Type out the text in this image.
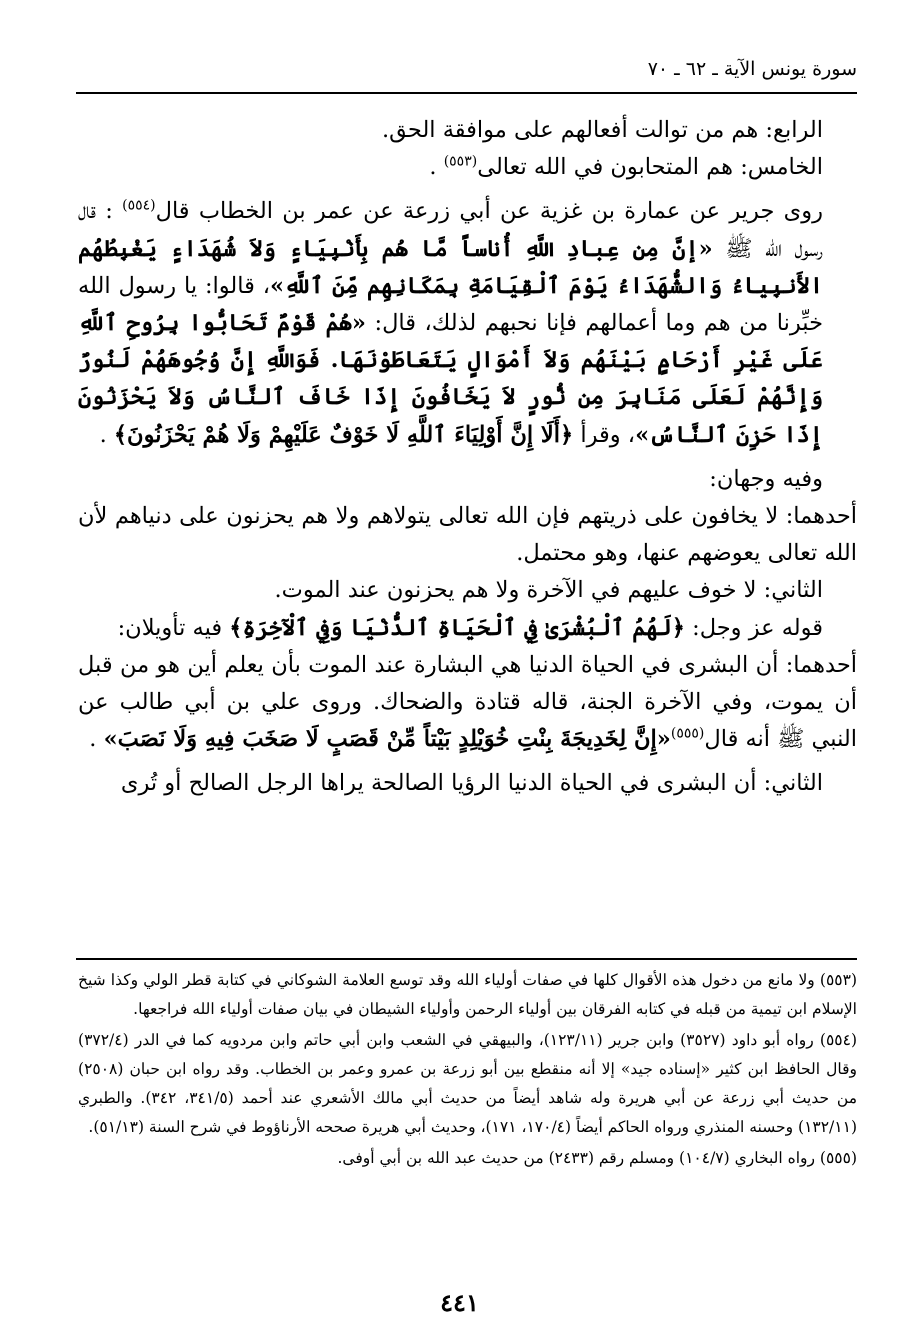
سورة يونس الآية ـ ٦٢ ـ ٧٠

الرابع: هم من توالت أفعالهم على موافقة الحق.

الخامس: هم المتحابون في الله تعالى$^{(٥٥٣)}$ .

روى جرير عن عمارة بن غزية عن أبي زرعة عن عمر بن الخطاب قال$^{(٥٥٤)}$ : قال رسول الله ﷺ «إنَّ مِن عِبادِ اللَّهِ أُناساً مَّا هُم بِأَنْبِيَاءٍ وَلاَ شُهَدَاءٍ يَغْبِطُهُم الأَنبِياءُ وَالشُّهَدَاءُ يَوْمَ ٱلْقِيَامَةِ بِمَكَانِهِم مِّنَ ٱللَّهِ»، قالوا: يا رسول الله خبِّرنا من هم وما أعمالهم فإنا نحبهم لذلك، قال: «هُمْ قَوْمٌ تَحَابُّوا بِرُوحِ ٱللَّهِ عَلَى غَيْرِ أَرْحَامٍ بَيْنَهُم وَلاَ أَمْوَالٍ يَتَعَاطَوْنَهَا. فَوَاللَّهِ إِنَّ وُجُوهَهُمْ لَنُورٌ وَإِنَّهُمْ لَعَلَى مَنَابِرَ مِن نُّورٍ لاَ يَخَافُونَ إِذَا خَافَ ٱلنَّاسُ وَلاَ يَحْزَنُونَ إِذَا حَزِنَ ٱلنَّاسُ»، وقرأ ﴿أَلَا إِنَّ أَوْلِيَاءَ ٱللَّهِ لَا خَوْفٌ عَلَيْهِمْ وَلَا هُمْ يَحْزَنُونَ﴾ .

وفيه وجهان:

أحدهما: لا يخافون على ذريتهم فإن الله تعالى يتولاهم ولا هم يحزنون على دنياهم لأن الله تعالى يعوضهم عنها، وهو محتمل.

الثاني: لا خوف عليهم في الآخرة ولا هم يحزنون عند الموت.

قوله عز وجل: ﴿لَهُمُ ٱلْبُشْرَىٰ فِي ٱلْحَيَاةِ ٱلدُّنْيَا وَفِي ٱلْآخِرَةِ﴾ فيه تأويلان:

أحدهما: أن البشرى في الحياة الدنيا هي البشارة عند الموت بأن يعلم أين هو من قبل أن يموت، وفي الآخرة الجنة، قاله قتادة والضحاك. وروى علي بن أبي طالب عن النبي ﷺ أنه قال$^{(٥٥٥)}$«إِنَّ لِخَدِيجَةَ بِنْتِ خُوَيْلِدٍ بَيْتاً مِّنْ قَصَبٍ لَا صَخَبَ فِيهِ وَلَا نَصَبَ» .

الثاني: أن البشرى في الحياة الدنيا الرؤيا الصالحة يراها الرجل الصالح أو تُرى

(٥٥٣) ولا مانع من دخول هذه الأقوال كلها في صفات أولياء الله وقد توسع العلامة الشوكاني في كتابة قطر الولي وكذا شيخ الإسلام ابن تيمية من قبله في كتابه الفرقان بين أولياء الرحمن وأولياء الشيطان في بيان صفات أولياء الله فراجعها.

(٥٥٤) رواه أبو داود (٣٥٢٧) وابن جرير (١٢٣/١١)، والبيهقي في الشعب وابن أبي حاتم وابن مردويه كما في الدر (٣٧٢/٤) وقال الحافظ ابن كثير «إسناده جيد» إلا أنه منقطع بين أبو زرعة بن عمرو وعمر بن الخطاب. وقد رواه ابن حبان (٢٥٠٨) من حديث أبي زرعة عن أبي هريرة وله شاهد أيضاً من حديث أبي مالك الأشعري عند أحمد (٣٤١/٥، ٣٤٢). والطبري (١٣٢/١١) وحسنه المنذري ورواه الحاكم أيضاً (١٧٠/٤، ١٧١)، وحديث أبي هريرة صححه الأرناؤوط في شرح السنة (٥١/١٣).

(٥٥٥) رواه البخاري (١٠٤/٧) ومسلم رقم (٢٤٣٣) من حديث عبد الله بن أبي أوفى.

٤٤١
